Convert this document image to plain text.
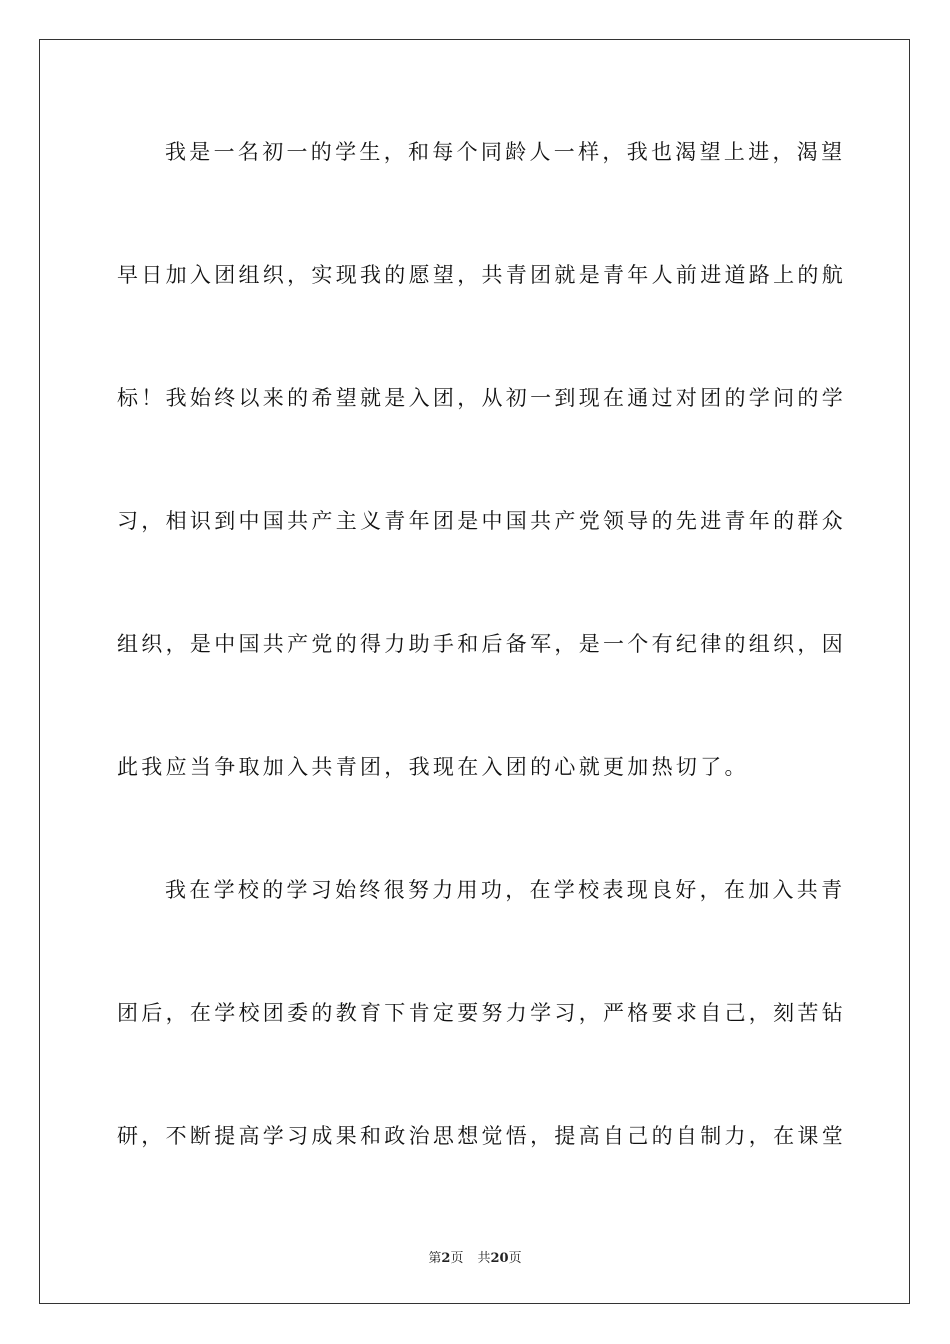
我是一名初一的学生，和每个同龄人一样，我也渴望上进，渴望
早日加入团组织，实现我的愿望，共青团就是青年人前进道路上的航
标！我始终以来的希望就是入团，从初一到现在通过对团的学问的学
习，相识到中国共产主义青年团是中国共产党领导的先进青年的群众
组织，是中国共产党的得力助手和后备军，是一个有纪律的组织，因
此我应当争取加入共青团，我现在入团的心就更加热切了。
我在学校的学习始终很努力用功，在学校表现良好，在加入共青
团后，在学校团委的教育下肯定要努力学习，严格要求自己，刻苦钻
研，不断提高学习成果和政治思想觉悟，提高自己的自制力，在课堂
第2页 共20页
